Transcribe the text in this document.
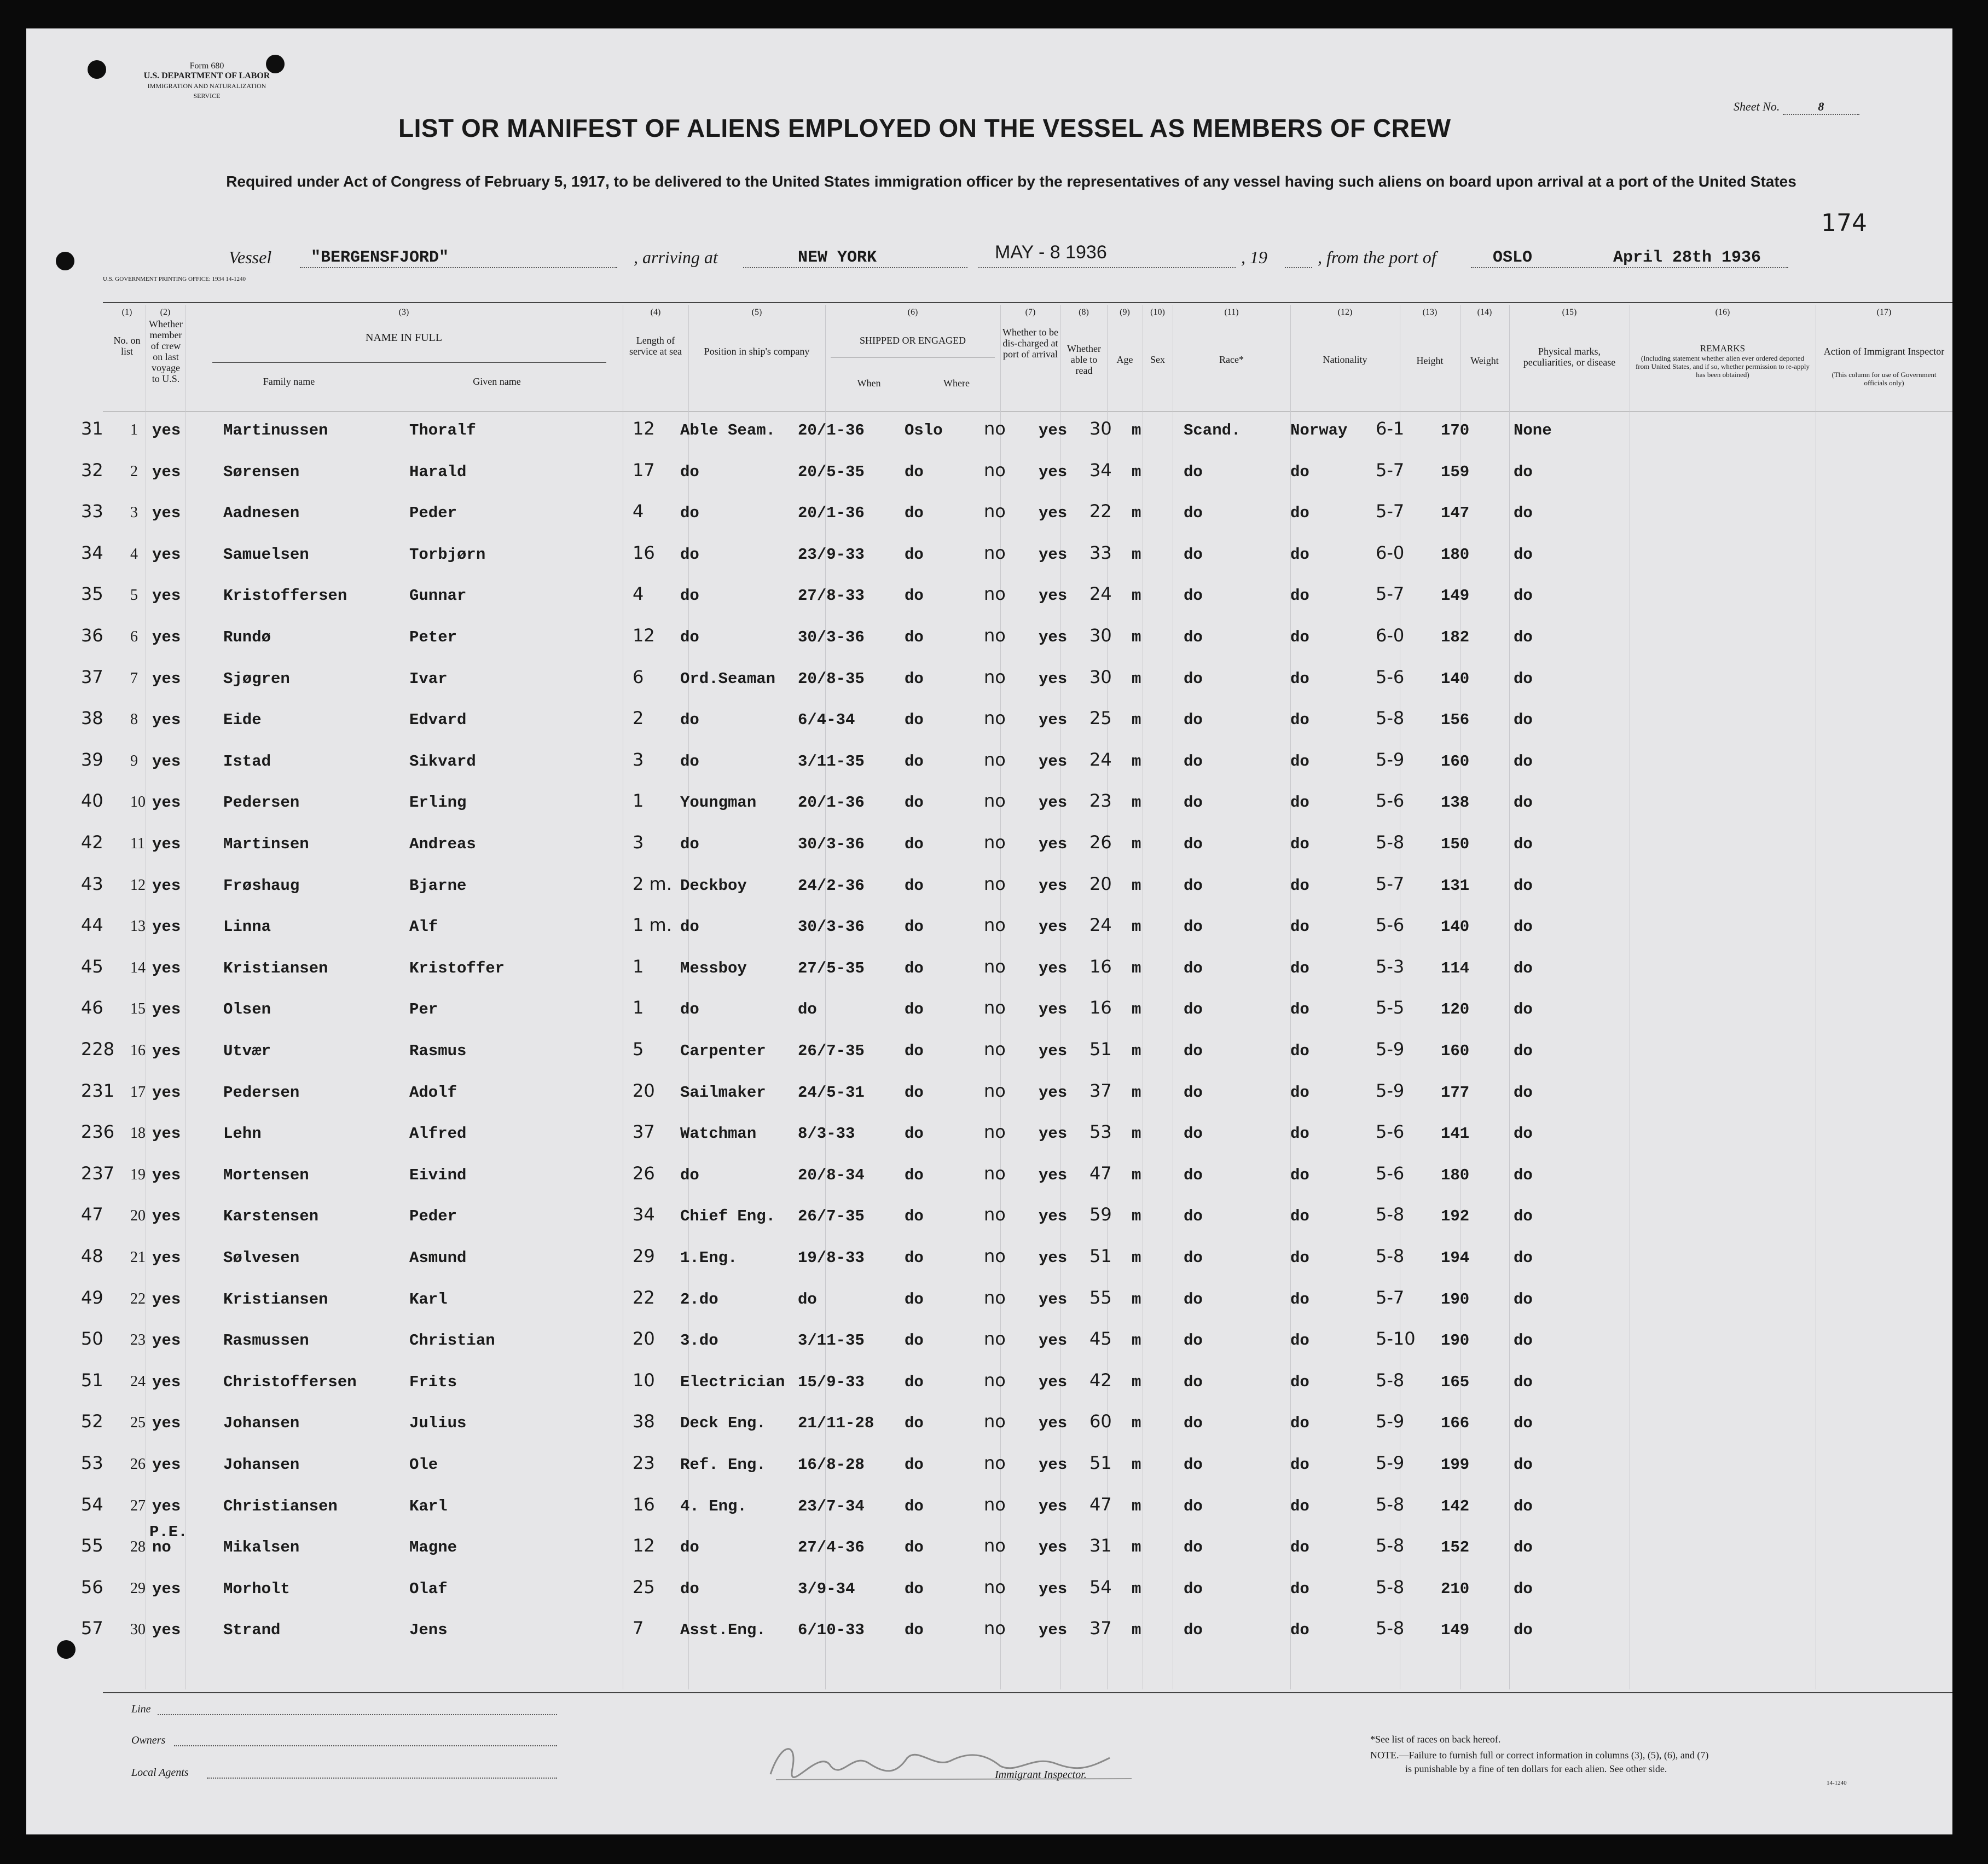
Form 680
U.S. DEPARTMENT OF LABOR
IMMIGRATION AND NATURALIZATION SERVICE
Sheet No.	8
LIST OR MANIFEST OF ALIENS EMPLOYED ON THE VESSEL AS MEMBERS OF CREW
Required under Act of Congress of February 5, 1917, to be delivered to the United States immigration officer by the representatives of any vessel having such aliens on board upon arrival at a port of the United States
174
Vessel "BERGENSFJORD"	, arriving at	NEW YORK	MAY - 8 1936	, 19	, from the port of	OSLO	April 28th 1936
U.S. GOVERNMENT PRINTING OFFICE: 1934 14-1240
(1)	(2)	(3)	(4)	(5)	(6)	(7)	(8)	(9)	(10)	(11)	(12)	(13)	(14)	(15)	(16)	(17)
No. on list
Whether member of crew on last voyage to U.S.
NAME IN FULL
Family name	Given name
Length of service at sea	Position in ship's company
SHIPPED OR ENGAGED
When	Where
Whether to be dis-charged at port of arrival Whether able to read
Age	Sex	Race*	Nationality	Height	Weight
Physical marks, peculiarities, or disease
REMARKS
(Including statement whether alien ever ordered deported from United States, and if so, whether permission to re-apply has been obtained)
Action of Immigrant Inspector
(This column for use of Government officials only)
31 1 yes	Martinussen	Thoralf	12 Able Seam. 20/1-36	Oslo no yes 30 m	Scand.	Norway 6-1 170	None
32 2 yes	Sørensen	Harald	17 do	20/5-35	do	no yes 34 m	do	do	5-7 159	do
33 3 yes	Aadnesen	Peder	4 do	20/1-36	do	no yes 22 m	do	do	5-7 147	do
34 4 yes	Samuelsen	Torbjørn	16 do	23/9-33	do	no yes 33 m	do	do	6-0 180	do
35 5 yes	Kristoffersen	Gunnar	4 do	27/8-33	do	no yes 24 m	do	do	5-7 149	do
36 6 yes	Rundø	Peter	12 do	30/3-36	do	no yes 30 m	do	do	6-0 182	do
37 7 yes	Sjøgren	Ivar	6 Ord.Seaman 20/8-35	do	no yes 30 m	do	do	5-6 140	do
38 8 yes	Eide	Edvard	2 do	6/4-34	do	no yes 25 m	do	do	5-8 156	do
39 9 yes	Istad	Sikvard	3 do	3/11-35	do	no yes 24 m	do	do	5-9 160	do
40 10 yes	Pedersen	Erling	1 Youngman	20/1-36	do	no yes 23 m	do	do	5-6 138	do
42 11 yes	Martinsen	Andreas	3 do	30/3-36	do	no yes 26 m	do	do	5-8 150	do
43 12 yes	Frøshaug	Bjarne	2 m. Deckboy	24/2-36	do	no yes 20 m	do	do	5-7 131	do
44 13 yes	Linna	Alf	1 m. do	30/3-36	do	no yes 24 m	do	do	5-6 140	do
45 14 yes	Kristiansen	Kristoffer	1 Messboy	27/5-35	do	no yes 16 m	do	do	5-3 114	do
46 15 yes	Olsen	Per	1 do	do	do	no yes 16 m	do	do	5-5 120	do
228 16 yes	Utvær	Rasmus	5 Carpenter 26/7-35	do	no yes 51 m	do	do	5-9 160	do
231 17 yes	Pedersen	Adolf	20 Sailmaker 24/5-31	do	no yes 37 m	do	do	5-9 177	do
236 18 yes	Lehn	Alfred	37 Watchman	8/3-33	do	no yes 53 m	do	do	5-6 141	do
237 19 yes	Mortensen	Eivind	26 do	20/8-34	do	no yes 47 m	do	do	5-6 180	do
47 20 yes	Karstensen	Peder	34 Chief Eng. 26/7-35	do	no yes 59 m	do	do	5-8 192	do
48 21 yes	Sølvesen	Asmund	29 1.Eng.	19/8-33	do	no yes 51 m	do	do	5-8 194	do
49 22 yes	Kristiansen	Karl	22 2.do	do	do	no yes 55 m	do	do	5-7 190	do
50 23 yes	Rasmussen	Christian	20 3.do	3/11-35	do	no yes 45 m	do	do	5-10 190	do
51 24 yes	Christoffersen	Frits	10 Electrician 15/9-33	do	no yes 42 m	do	do	5-8 165	do
52 25 yes	Johansen	Julius	38 Deck Eng. 21/11-28 do	no yes 60 m	do	do	5-9 166	do
53 26 yes	Johansen	Ole	23 Ref. Eng. 16/8-28	do	no yes 51 m	do	do	5-9 199	do
54 27 yes	Christiansen	Karl	16 4. Eng.	23/7-34	do	no yes 47 m	do	do	5-8 142	do
55 28 no	Mikalsen	Magne	12 do	27/4-36	do	no yes 31 m	do	do	5-8 152	do
P.E.
56 29 yes	Morholt	Olaf	25 do	3/9-34	do	no yes 54 m	do	do	5-8 210	do
57 30 yes	Strand	Jens	7 Asst.Eng. 6/10-33	do	no yes 37 m	do	do	5-8 149	do
Line
Owners
Local Agents	Immigrant Inspector.
*See list of races on back hereof.
NOTE.—Failure to furnish full or correct information in columns (3), (5), (6), and (7)
is punishable by a fine of ten dollars for each alien. See other side.
14-1240
